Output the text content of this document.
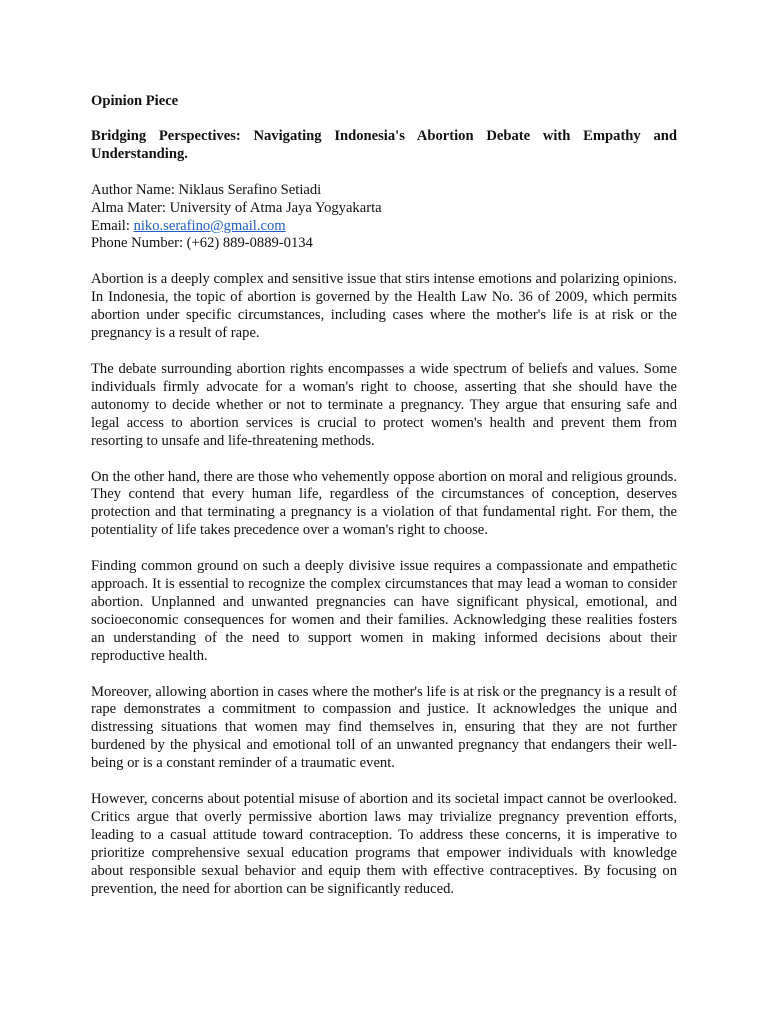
Opinion Piece

Bridging Perspectives: Navigating Indonesia's Abortion Debate with Empathy and Understanding.

Author Name: Niklaus Serafino Setiadi
Alma Mater: University of Atma Jaya Yogyakarta
Email: niko.serafino@gmail.com
Phone Number: (+62) 889-0889-0134

Abortion is a deeply complex and sensitive issue that stirs intense emotions and polarizing opinions. In Indonesia, the topic of abortion is governed by the Health Law No. 36 of 2009, which permits abortion under specific circumstances, including cases where the mother's life is at risk or the pregnancy is a result of rape.

The debate surrounding abortion rights encompasses a wide spectrum of beliefs and values. Some individuals firmly advocate for a woman's right to choose, asserting that she should have the autonomy to decide whether or not to terminate a pregnancy. They argue that ensuring safe and legal access to abortion services is crucial to protect women's health and prevent them from resorting to unsafe and life-threatening methods.

On the other hand, there are those who vehemently oppose abortion on moral and religious grounds. They contend that every human life, regardless of the circumstances of conception, deserves protection and that terminating a pregnancy is a violation of that fundamental right. For them, the potentiality of life takes precedence over a woman's right to choose.

Finding common ground on such a deeply divisive issue requires a compassionate and empathetic approach. It is essential to recognize the complex circumstances that may lead a woman to consider abortion. Unplanned and unwanted pregnancies can have significant physical, emotional, and socioeconomic consequences for women and their families. Acknowledging these realities fosters an understanding of the need to support women in making informed decisions about their reproductive health.

Moreover, allowing abortion in cases where the mother's life is at risk or the pregnancy is a result of rape demonstrates a commitment to compassion and justice. It acknowledges the unique and distressing situations that women may find themselves in, ensuring that they are not further burdened by the physical and emotional toll of an unwanted pregnancy that endangers their well-being or is a constant reminder of a traumatic event.

However, concerns about potential misuse of abortion and its societal impact cannot be overlooked. Critics argue that overly permissive abortion laws may trivialize pregnancy prevention efforts, leading to a casual attitude toward contraception. To address these concerns, it is imperative to prioritize comprehensive sexual education programs that empower individuals with knowledge about responsible sexual behavior and equip them with effective contraceptives. By focusing on prevention, the need for abortion can be significantly reduced.
